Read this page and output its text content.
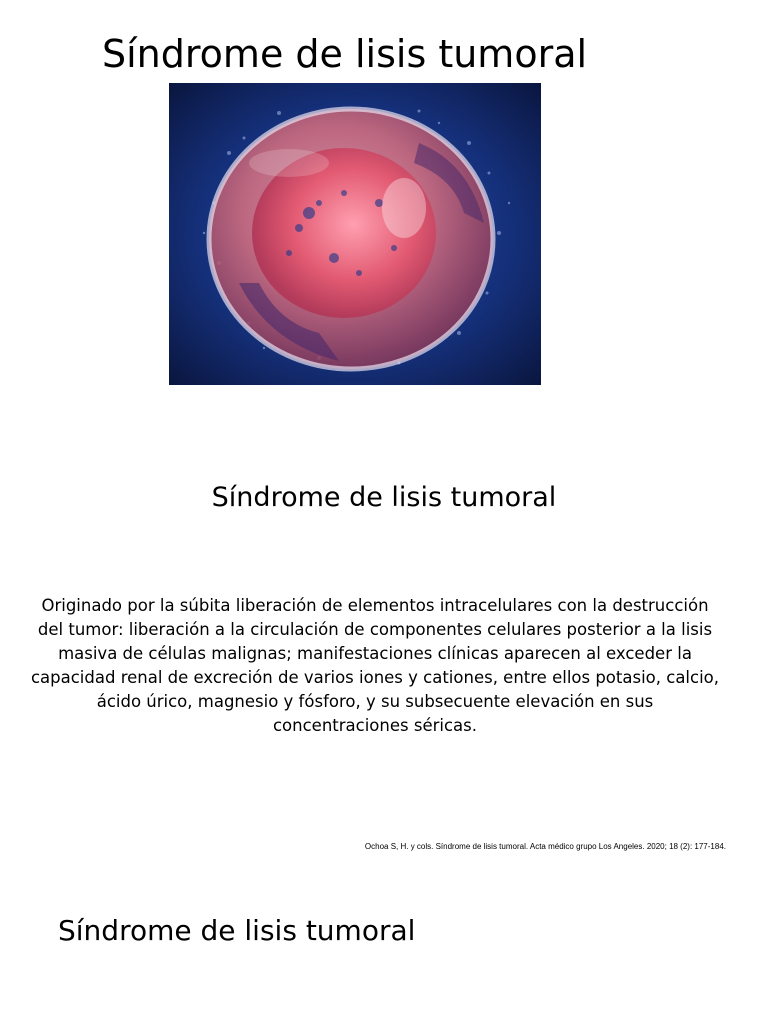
Síndrome de lisis tumoral
Síndrome de lisis tumoral
Originado por la súbita liberación de elementos intracelulares con la destrucción del tumor: liberación a la circulación de componentes celulares posterior a la lisis masiva de células malignas; manifestaciones clínicas aparecen al exceder la capacidad renal de excreción de varios iones y cationes, entre ellos potasio, calcio, ácido úrico, magnesio y fósforo, y su subsecuente elevación en sus concentraciones séricas.
Ochoa S, H. y cols. Síndrome de lisis tumoral. Acta médico grupo Los Angeles. 2020; 18 (2): 177-184.
Síndrome de lisis tumoral
